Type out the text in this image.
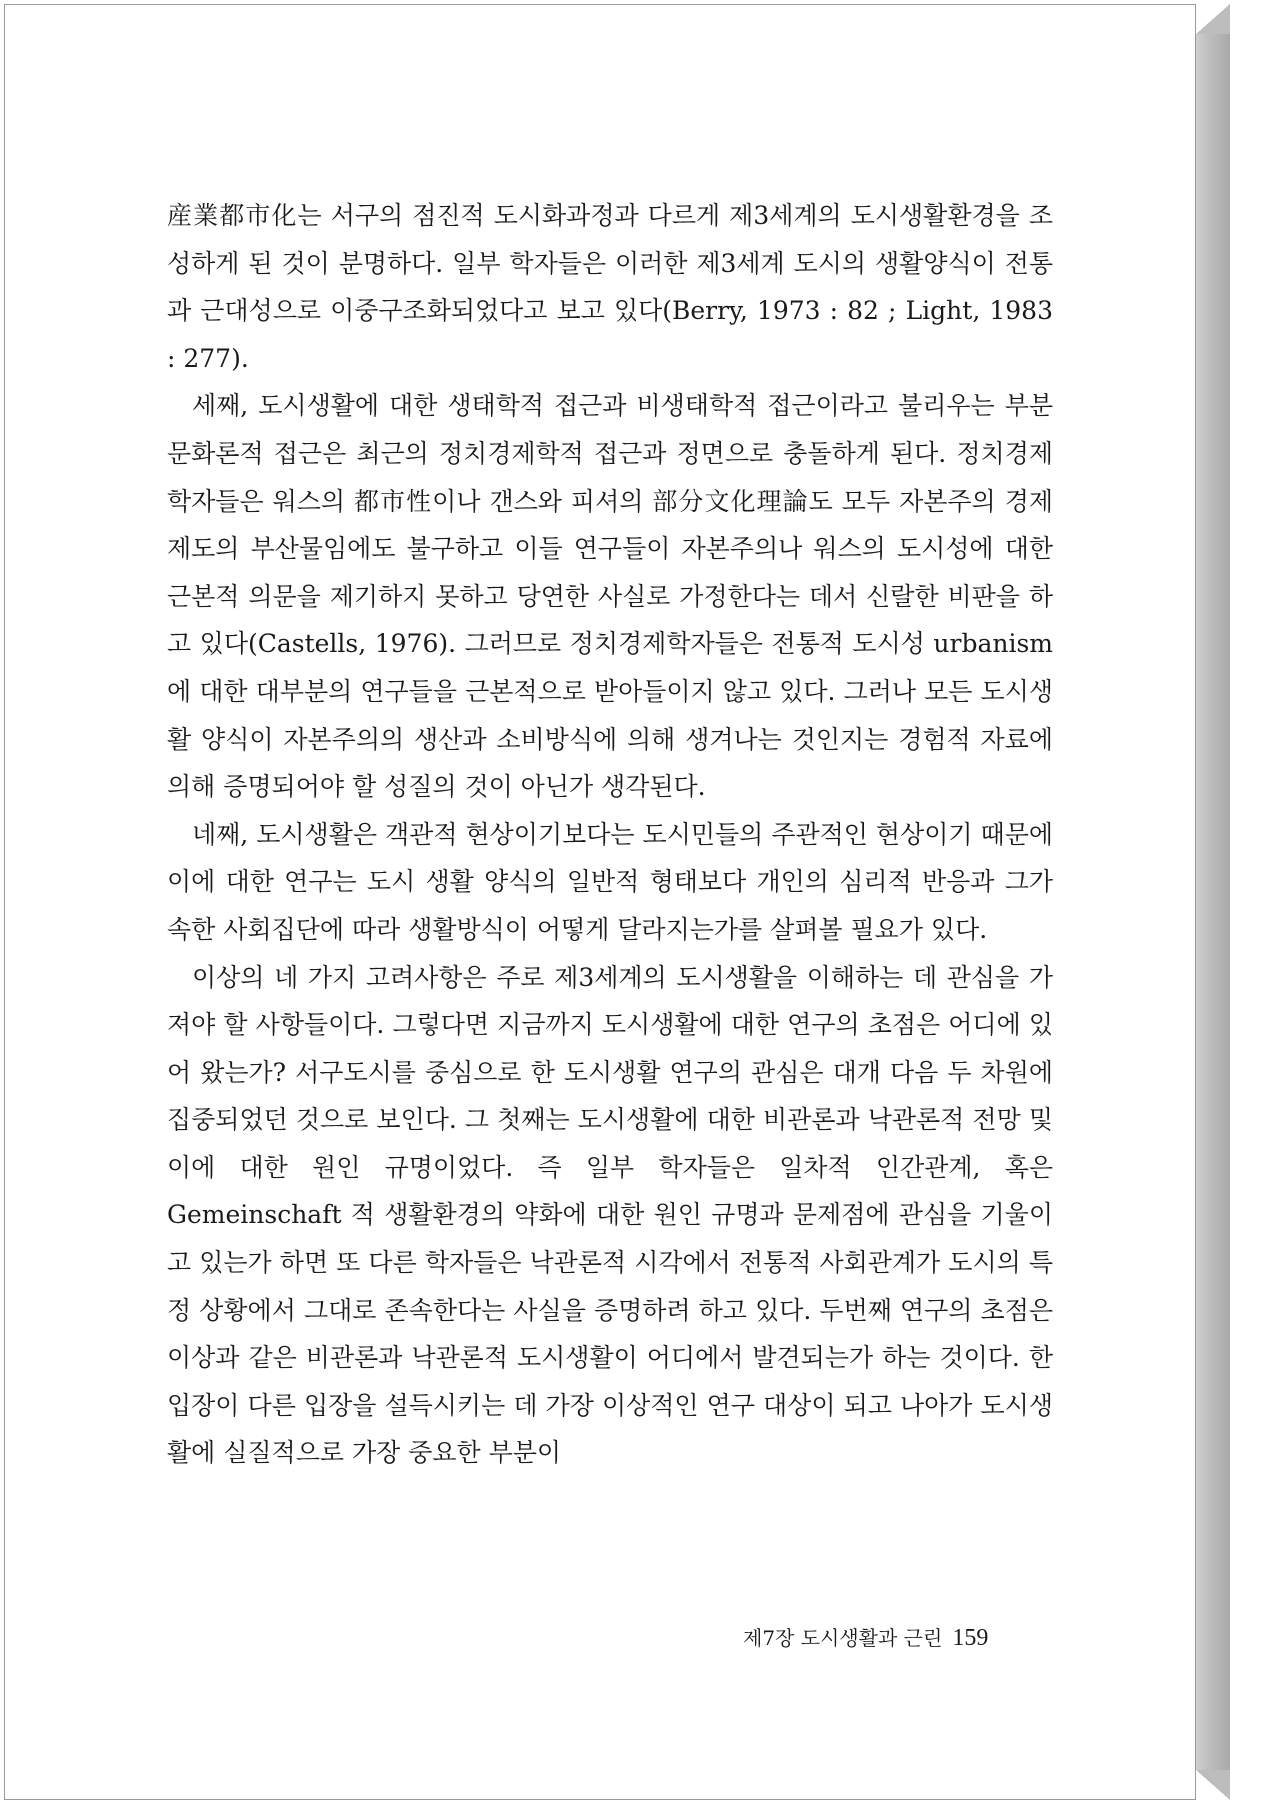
産業都市化는 서구의 점진적 도시화과정과 다르게 제3세계의 도시생활환경을 조성하게 된 것이 분명하다. 일부 학자들은 이러한 제3세계 도시의 생활양식이 전통과 근대성으로 이중구조화되었다고 보고 있다(Berry, 1973 : 82 ; Light, 1983 : 277).

세째, 도시생활에 대한 생태학적 접근과 비생태학적 접근이라고 불리우는 부분문화론적 접근은 최근의 정치경제학적 접근과 정면으로 충돌하게 된다. 정치경제학자들은 워스의 都市性이나 갠스와 피셔의 部分文化理論도 모두 자본주의 경제제도의 부산물임에도 불구하고 이들 연구들이 자본주의나 워스의 도시성에 대한 근본적 의문을 제기하지 못하고 당연한 사실로 가정한다는 데서 신랄한 비판을 하고 있다(Castells, 1976). 그러므로 정치경제학자들은 전통적 도시성 urbanism 에 대한 대부분의 연구들을 근본적으로 받아들이지 않고 있다. 그러나 모든 도시생활 양식이 자본주의의 생산과 소비방식에 의해 생겨나는 것인지는 경험적 자료에 의해 증명되어야 할 성질의 것이 아닌가 생각된다.

네째, 도시생활은 객관적 현상이기보다는 도시민들의 주관적인 현상이기 때문에 이에 대한 연구는 도시 생활 양식의 일반적 형태보다 개인의 심리적 반응과 그가 속한 사회집단에 따라 생활방식이 어떻게 달라지는가를 살펴볼 필요가 있다.

이상의 네 가지 고려사항은 주로 제3세계의 도시생활을 이해하는 데 관심을 가져야 할 사항들이다. 그렇다면 지금까지 도시생활에 대한 연구의 초점은 어디에 있어 왔는가? 서구도시를 중심으로 한 도시생활 연구의 관심은 대개 다음 두 차원에 집중되었던 것으로 보인다. 그 첫째는 도시생활에 대한 비관론과 낙관론적 전망 및 이에 대한 원인 규명이었다. 즉 일부 학자들은 일차적 인간관계, 혹은 Gemeinschaft 적 생활환경의 약화에 대한 원인 규명과 문제점에 관심을 기울이고 있는가 하면 또 다른 학자들은 낙관론적 시각에서 전통적 사회관계가 도시의 특정 상황에서 그대로 존속한다는 사실을 증명하려 하고 있다. 두번째 연구의 초점은 이상과 같은 비관론과 낙관론적 도시생활이 어디에서 발견되는가 하는 것이다. 한 입장이 다른 입장을 설득시키는 데 가장 이상적인 연구 대상이 되고 나아가 도시생활에 실질적으로 가장 중요한 부분이

제7장 도시생활과 근린 159
